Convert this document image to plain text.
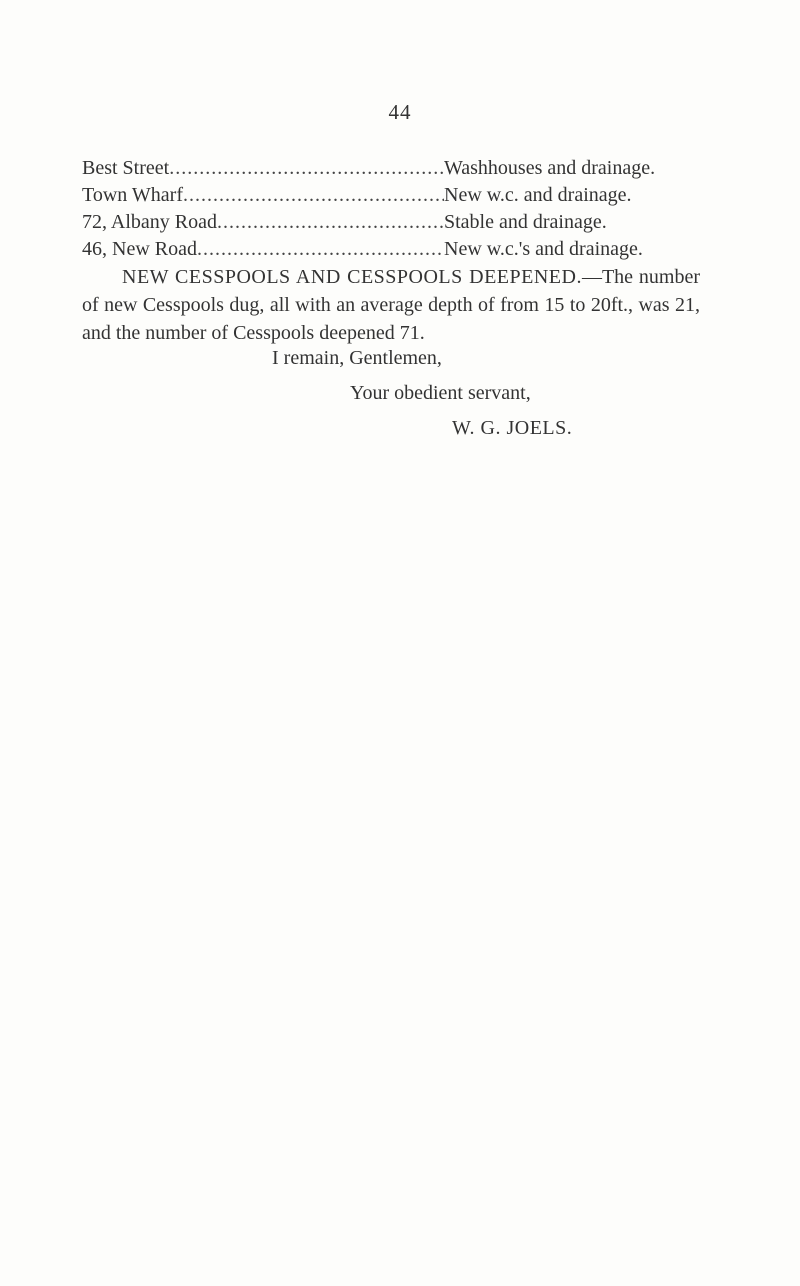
44
Best Street .....	Washhouses and drainage.
Town Wharf .....	New w.c. and drainage.
72, Albany Road .....	Stable and drainage.
46, New Road .....	New w.c.'s and drainage.

NEW CESSPOOLS AND CESSPOOLS DEEPENED.—The number of new Cesspools dug, all with an average depth of from 15 to 20ft., was 21, and the number of Cesspools deepened 71.

I remain, Gentlemen,
Your obedient servant,
W. G. JOELS.
